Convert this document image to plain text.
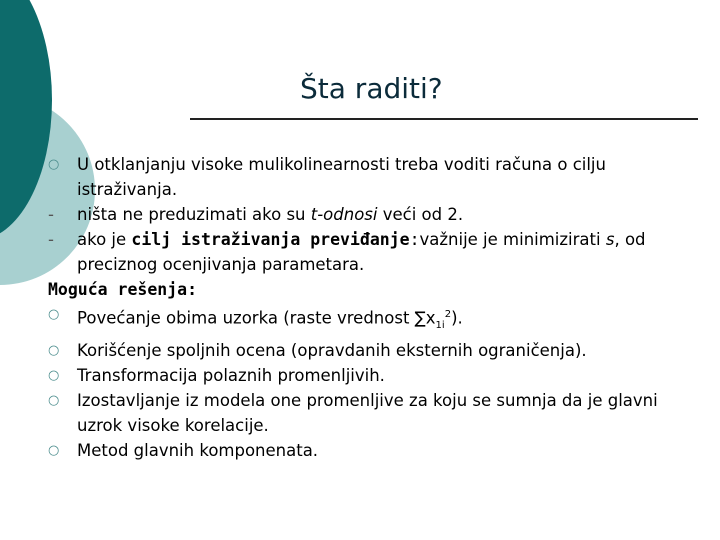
Šta raditi?
○	U otklanjanju visoke mulikolinearnosti treba voditi računa o cilju istraživanja.
-	ništa ne preduzimati ako su t-odnosi veći od 2.
-	ako je cilj istraživanja previđanje:važnije je minimizirati s, od preciznog ocenjivanja parametara.
Moguća rešenja:
○	Povećanje obima uzorka (raste vrednost $\sum x_{1i}^2$).
○	Korišćenje spoljnih ocena (opravdanih eksternih ograničenja).
○	Transformacija polaznih promenljivih.
○	Izostavljanje iz modela one promenljive za koju se sumnja da je glavni uzrok visoke korelacije.
○	Metod glavnih komponenata.
